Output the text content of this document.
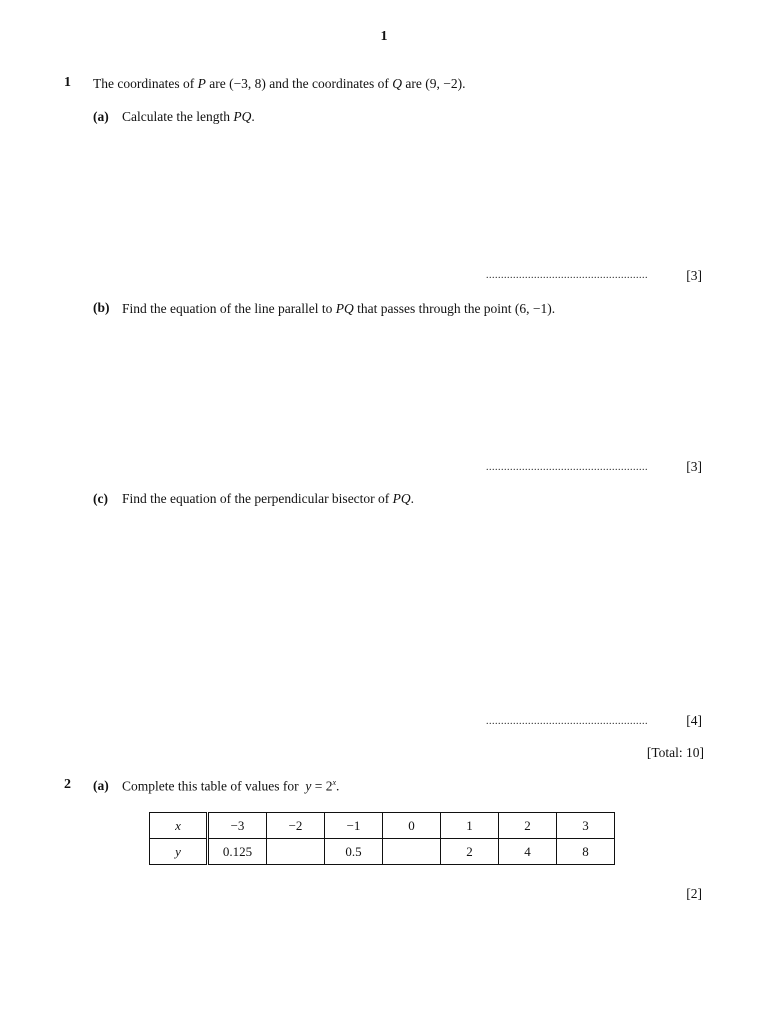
1
1 The coordinates of P are (−3, 8) and the coordinates of Q are (9, −2).
(a) Calculate the length PQ.
......................................................	[3]
(b) Find the equation of the line parallel to PQ that passes through the point (6, −1).
......................................................	[3]
(c) Find the equation of the perpendicular bisector of PQ.
......................................................	[4]
[Total: 10]
2 (a) Complete this table of values for $y = 2^x$.
x	−3	−2	−1	0	1	2	3
y	0.125		0.5		2	4	8
[2]
